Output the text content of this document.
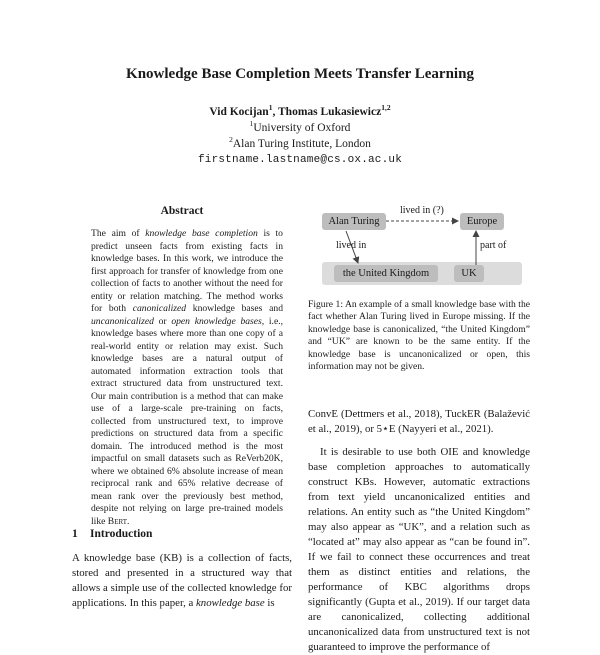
Knowledge Base Completion Meets Transfer Learning
Vid Kocijan$^1$, Thomas Lukasiewicz$^{1,2}$
$^1$University of Oxford
$^2$Alan Turing Institute, London
firstname.lastname@cs.ox.ac.uk
Abstract

The aim of knowledge base completion is to predict unseen facts from existing facts in knowledge bases. In this work, we introduce the first approach for transfer of knowledge from one collection of facts to another without the need for entity or relation matching. The method works for both canonicalized knowledge bases and uncanonicalized or open knowledge bases, i.e., knowledge bases where more than one copy of a real-world entity or relation may exist. Such knowledge bases are a natural output of automated information extraction tools that extract structured data from unstructured text. Our main contribution is a method that can make use of a large-scale pre-training on facts, collected from unstructured text, to improve predictions on structured data from a specific domain. The introduced method is the most impactful on small datasets such as ReVerb20K, where we obtained 6% absolute increase of mean reciprocal rank and 65% relative decrease of mean rank over the previously best method, despite not relying on large pre-trained models like Bert.

1 Introduction

A knowledge base (KB) is a collection of facts, stored and presented in a structured way that allows a simple use of the collected knowledge for applications. In this paper, a knowledge base is

Alan Turing	Europe
the United Kingdom	UK
lived in (?)
lived in	part of
Figure 1: An example of a small knowledge base with the fact whether Alan Turing lived in Europe missing. If the knowledge base is canonicalized, “the United Kingdom” and “UK” are known to be the same entity. If the knowledge base is uncanonicalized or open, this information may not be given.

ConvE (Dettmers et al., 2018), TuckER (Balažević et al., 2019), or 5⋆E (Nayyeri et al., 2021).

It is desirable to use both OIE and knowledge base completion approaches to automatically construct KBs. However, automatic extractions from text yield uncanonicalized entities and relations. An entity such as “the United Kingdom” may also appear as “UK”, and a relation such as “located at” may also appear as “can be found in”. If we fail to connect these occurrences and treat them as distinct entities and relations, the performance of KBC algorithms drops significantly (Gupta et al., 2019). If our target data are canonicalized, collecting additional uncanonicalized data from unstructured text is not guaranteed to improve the performance of
